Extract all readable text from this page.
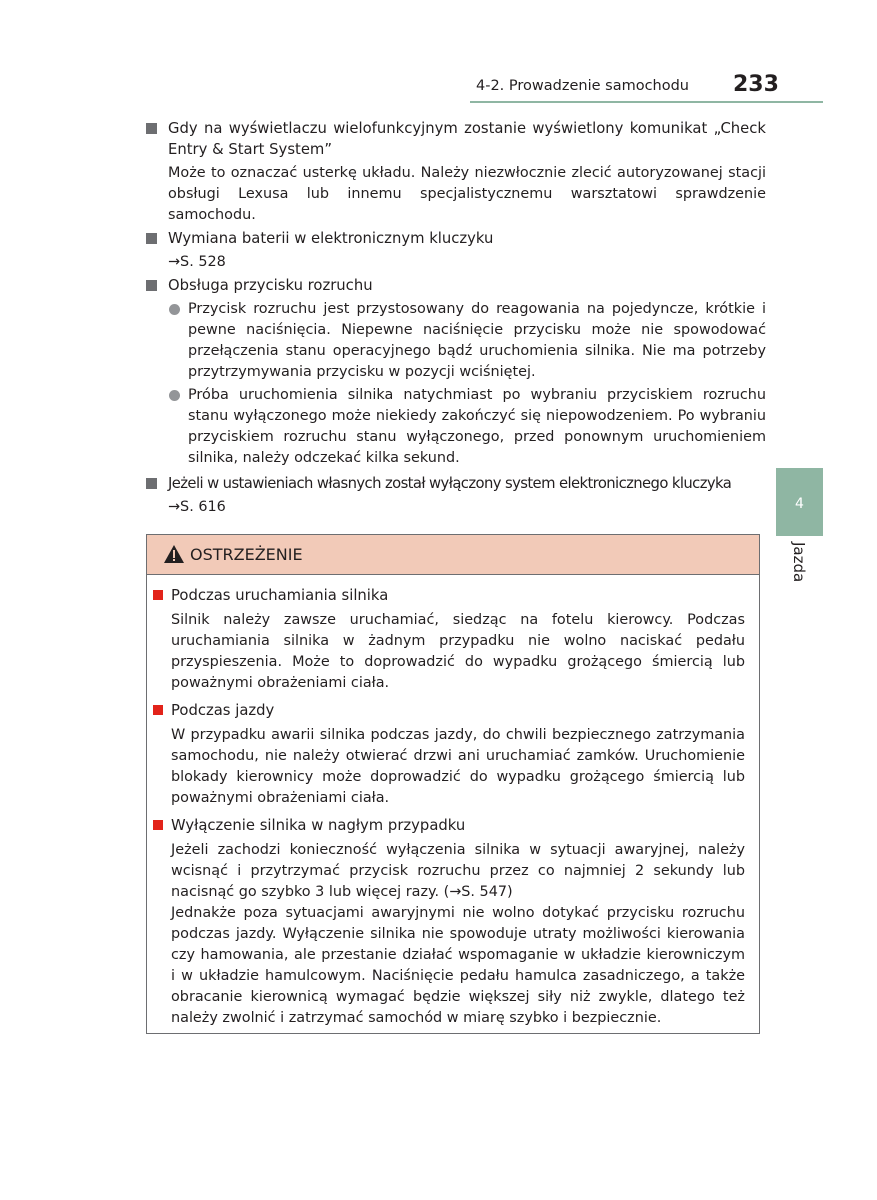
4-2. Prowadzenie samochodu 233
4
Jazda
Gdy na wyświetlaczu wielofunkcyjnym zostanie wyświetlony komunikat „Check Entry & Start System”
Może to oznaczać usterkę układu. Należy niezwłocznie zlecić autoryzowanej stacji obsługi Lexusa lub innemu specjalistycznemu warsztatowi sprawdzenie samochodu.
Wymiana baterii w elektronicznym kluczyku
→S. 528
Obsługa przycisku rozruchu
Przycisk rozruchu jest przystosowany do reagowania na pojedyncze, krótkie i pewne naciśnięcia. Niepewne naciśnięcie przycisku może nie spowodować przełączenia stanu operacyjnego bądź uruchomienia silnika. Nie ma potrzeby przytrzymywania przycisku w pozycji wciśniętej.
Próba uruchomienia silnika natychmiast po wybraniu przyciskiem rozruchu stanu wyłączonego może niekiedy zakończyć się niepowodzeniem. Po wybraniu przyciskiem rozruchu stanu wyłączonego, przed ponownym uruchomieniem silnika, należy odczekać kilka sekund.
Jeżeli w ustawieniach własnych został wyłączony system elektronicznego kluczyka
→S. 616
OSTRZEŻENIE
Podczas uruchamiania silnika
Silnik należy zawsze uruchamiać, siedząc na fotelu kierowcy. Podczas uruchamiania silnika w żadnym przypadku nie wolno naciskać pedału przyspieszenia. Może to doprowadzić do wypadku grożącego śmiercią lub poważnymi obrażeniami ciała.
Podczas jazdy
W przypadku awarii silnika podczas jazdy, do chwili bezpiecznego zatrzymania samochodu, nie należy otwierać drzwi ani uruchamiać zamków. Uruchomienie blokady kierownicy może doprowadzić do wypadku grożącego śmiercią lub poważnymi obrażeniami ciała.
Wyłączenie silnika w nagłym przypadku
Jeżeli zachodzi konieczność wyłączenia silnika w sytuacji awaryjnej, należy wcisnąć i przytrzymać przycisk rozruchu przez co najmniej 2 sekundy lub nacisnąć go szybko 3 lub więcej razy. (→S. 547)
Jednakże poza sytuacjami awaryjnymi nie wolno dotykać przycisku rozruchu podczas jazdy. Wyłączenie silnika nie spowoduje utraty możliwości kierowania czy hamowania, ale przestanie działać wspomaganie w układzie kierowniczym i w układzie hamulcowym. Naciśnięcie pedału hamulca zasadniczego, a także obracanie kierownicą wymagać będzie większej siły niż zwykle, dlatego też należy zwolnić i zatrzymać samochód w miarę szybko i bezpiecznie.
